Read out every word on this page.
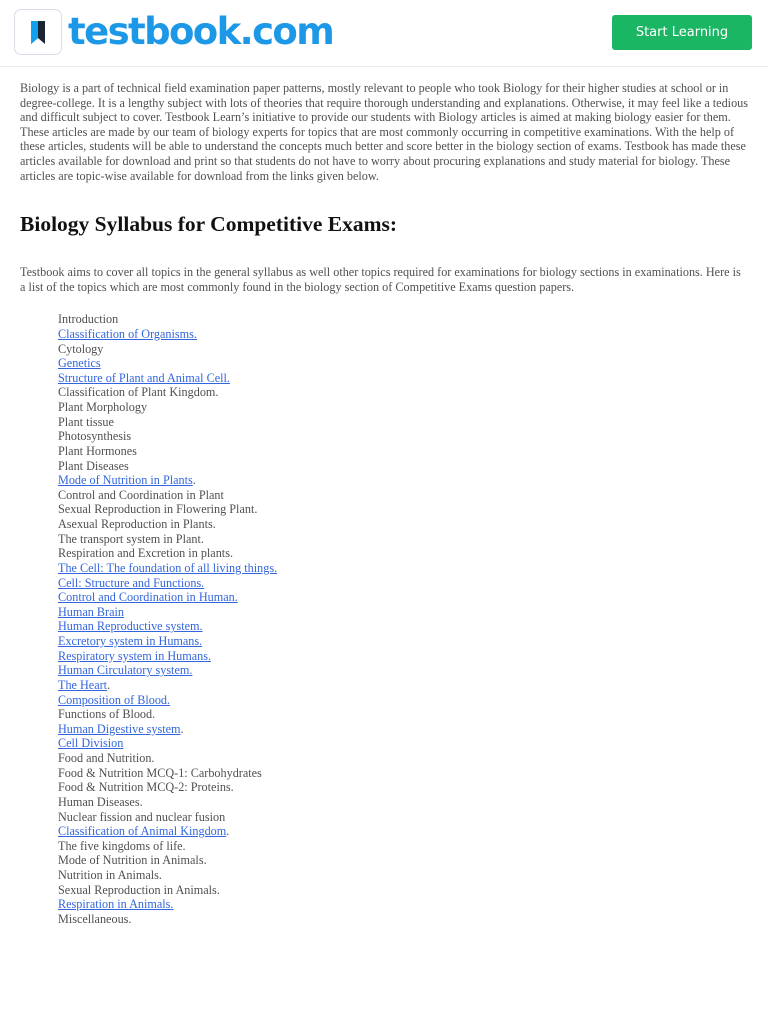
testbook.com	Start Learning

Biology is a part of technical field examination paper patterns, mostly relevant to people who took Biology for their higher studies at school or in degree-college. It is a lengthy subject with lots of theories that require thorough understanding and explanations. Otherwise, it may feel like a tedious and difficult subject to cover. Testbook Learn’s initiative to provide our students with Biology articles is aimed at making biology easier for them. These articles are made by our team of biology experts for topics that are most commonly occurring in competitive examinations. With the help of these articles, students will be able to understand the concepts much better and score better in the biology section of exams. Testbook has made these articles available for download and print so that students do not have to worry about procuring explanations and study material for biology. These articles are topic-wise available for download from the links given below.

Biology Syllabus for Competitive Exams:

Testbook aims to cover all topics in the general syllabus as well other topics required for examinations for biology sections in examinations. Here is a list of the topics which are most commonly found in the biology section of Competitive Exams question papers.

Introduction
Classification of Organisms.
Cytology
Genetics
Structure of Plant and Animal Cell.
Classification of Plant Kingdom.
Plant Morphology
Plant tissue
Photosynthesis
Plant Hormones
Plant Diseases
Mode of Nutrition in Plants.
Control and Coordination in Plant
Sexual Reproduction in Flowering Plant.
Asexual Reproduction in Plants.
The transport system in Plant.
Respiration and Excretion in plants.
The Cell: The foundation of all living things.
Cell: Structure and Functions.
Control and Coordination in Human.
Human Brain
Human Reproductive system.
Excretory system in Humans.
Respiratory system in Humans.
Human Circulatory system.
The Heart.
Composition of Blood.
Functions of Blood.
Human Digestive system.
Cell Division
Food and Nutrition.
Food & Nutrition MCQ-1: Carbohydrates
Food & Nutrition MCQ-2: Proteins.
Human Diseases.
Nuclear fission and nuclear fusion
Classification of Animal Kingdom.
The five kingdoms of life.
Mode of Nutrition in Animals.
Nutrition in Animals.
Sexual Reproduction in Animals.
Respiration in Animals.
Miscellaneous.
